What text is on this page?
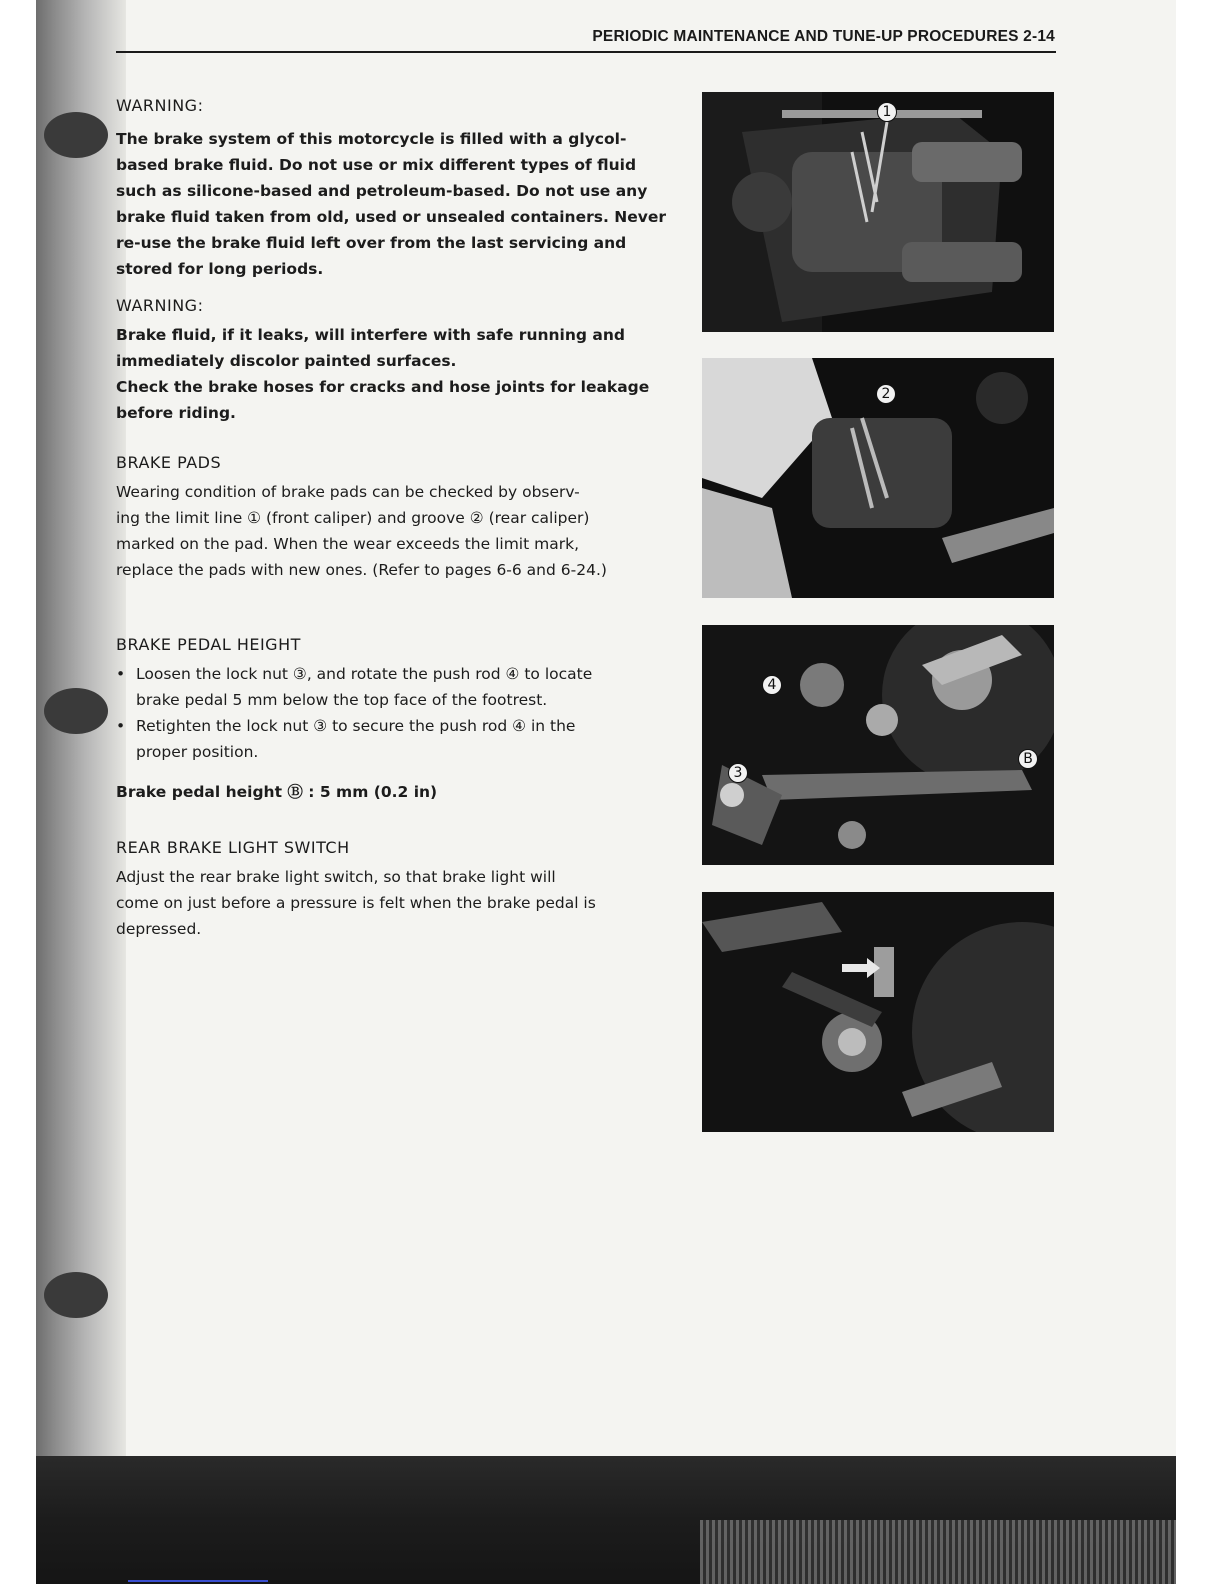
PERIODIC MAINTENANCE AND TUNE-UP PROCEDURES 2-14
WARNING:
The brake system of this motorcycle is filled with a glycol-
based brake fluid. Do not use or mix different types of fluid
such as silicone-based and petroleum-based. Do not use any
brake fluid taken from old, used or unsealed containers. Never
re-use the brake fluid left over from the last servicing and
stored for long periods.
WARNING:
Brake fluid, if it leaks, will interfere with safe running and
immediately discolor painted surfaces.
Check the brake hoses for cracks and hose joints for leakage
before riding.
BRAKE PADS
Wearing condition of brake pads can be checked by observ-
ing the limit line ① (front caliper) and groove ② (rear caliper)
marked on the pad. When the wear exceeds the limit mark,
replace the pads with new ones. (Refer to pages 6-6 and 6-24.)
BRAKE PEDAL HEIGHT
• Loosen the lock nut ③, and rotate the push rod ④ to locate
brake pedal 5 mm below the top face of the footrest.
• Retighten the lock nut ③ to secure the push rod ④ in the
proper position.
Brake pedal height Ⓑ : 5 mm (0.2 in)
REAR BRAKE LIGHT SWITCH
Adjust the rear brake light switch, so that brake light will
come on just before a pressure is felt when the brake pedal is
depressed.
1
2
4
3
B
